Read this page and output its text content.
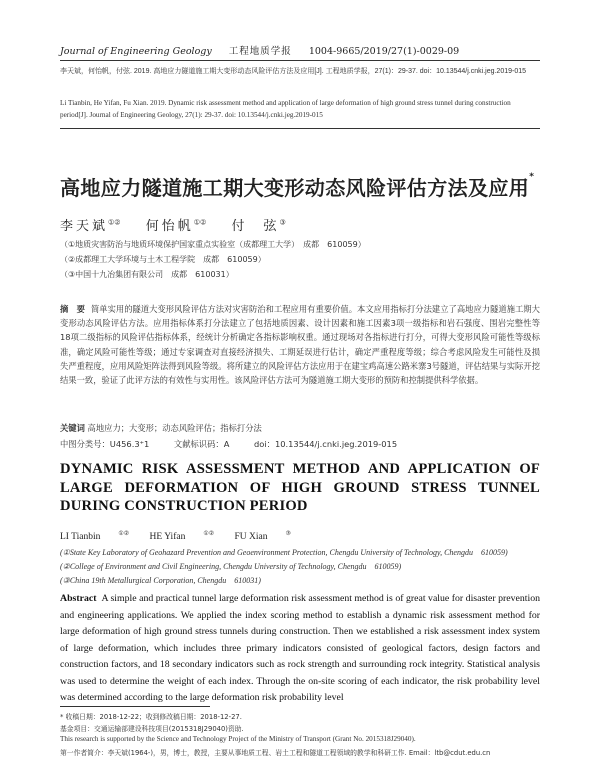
Journal of Engineering Geology 工程地质学报 1004-9665/2019/27(1)-0029-09
李天斌，何怡帆，付弦. 2019. 高地应力隧道施工期大变形动态风险评估方法及应用[J]. 工程地质学报，27(1)：29-37. doi：10.13544/j.cnki.jeg.2019-015
Li Tianbin, He Yifan, Fu Xian. 2019. Dynamic risk assessment method and application of large deformation of high ground stress tunnel during construction period[J]. Journal of Engineering Geology, 27(1): 29-37. doi: 10.13544/j.cnki.jeg.2019-015
高地应力隧道施工期大变形动态风险评估方法及应用*
李天斌①② 何怡帆①② 付　弦③
（①地质灾害防治与地质环境保护国家重点实验室（成都理工大学）　成都　610059）
（②成都理工大学环境与土木工程学院　成都　610059）
（③中国十九冶集团有限公司　成都　610031）
摘　要 简单实用的隧道大变形风险评估方法对灾害防治和工程应用有重要价值。本文应用指标打分法建立了高地应力隧道施工期大变形动态风险评估方法。应用指标体系打分法建立了包括地质因素、设计因素和施工因素3项一级指标和岩石强度、围岩完整性等18项二级指标的风险评估指标体系，经统计分析确定各指标影响权重。通过现场对各指标进行打分，可得大变形风险可能性等级标准，确定风险可能性等级；通过专家调查对直接经济损失、工期延误进行估计，确定严重程度等级；综合考虑风险发生可能性及损失严重程度，应用风险矩阵法得到风险等级。将所建立的风险评估方法应用于在建宝鸡高速公路米寨3号隧道，评估结果与实际开挖结果一致，验证了此评方法的有效性与实用性。该风险评估方法可为隧道施工期大变形的预防和控制提供科学依据。
关键词 高地应力；大变形；动态风险评估；指标打分法
中图分类号：U456.3⁺1	文献标识码：A	doi：10.13544/j.cnki.jeg.2019-015
DYNAMIC RISK ASSESSMENT METHOD AND APPLICATION OF LARGE DEFORMATION OF HIGH GROUND STRESS TUNNEL DURING CONSTRUCTION PERIOD
LI Tianbin	①② HE Yifan	①② FU Xian	③
(①State Key Laboratory of Geohazard Prevention and Geoenvironment Protection, Chengdu University of Technology, Chengdu　610059)
(②College of Environment and Civil Engineering, Chengdu University of Technology, Chengdu　610059)
(③China 19th Metallurgical Corporation, Chengdu　610031)
Abstract A simple and practical tunnel large deformation risk assessment method is of great value for disaster prevention and engineering applications. We applied the index scoring method to establish a dynamic risk assessment method for large deformation of high ground stress tunnels during construction. Then we established a risk assessment index system of large deformation, which includes three primary indicators consisted of geological factors, design factors and construction factors, and 18 secondary indicators such as rock strength and surrounding rock integrity. Statistical analysis was used to determine the weight of each index. Through the on-site scoring of each indicator, the risk probability level was determined according to the large deformation risk probability level
* 收稿日期：2018-12-22；收到修改稿日期：2018-12-27.
基金项目：交通运输部建设科技项目(2015318J29040)资助.
This research is supported by the Science and Technology Project of the Ministry of Transport (Grant No. 2015318J29040).
第一作者简介：李天斌(1964-)，男，博士，教授，主要从事地质工程、岩土工程和隧道工程领域的教学和科研工作. Email：ltb@cdut.edu.cn
